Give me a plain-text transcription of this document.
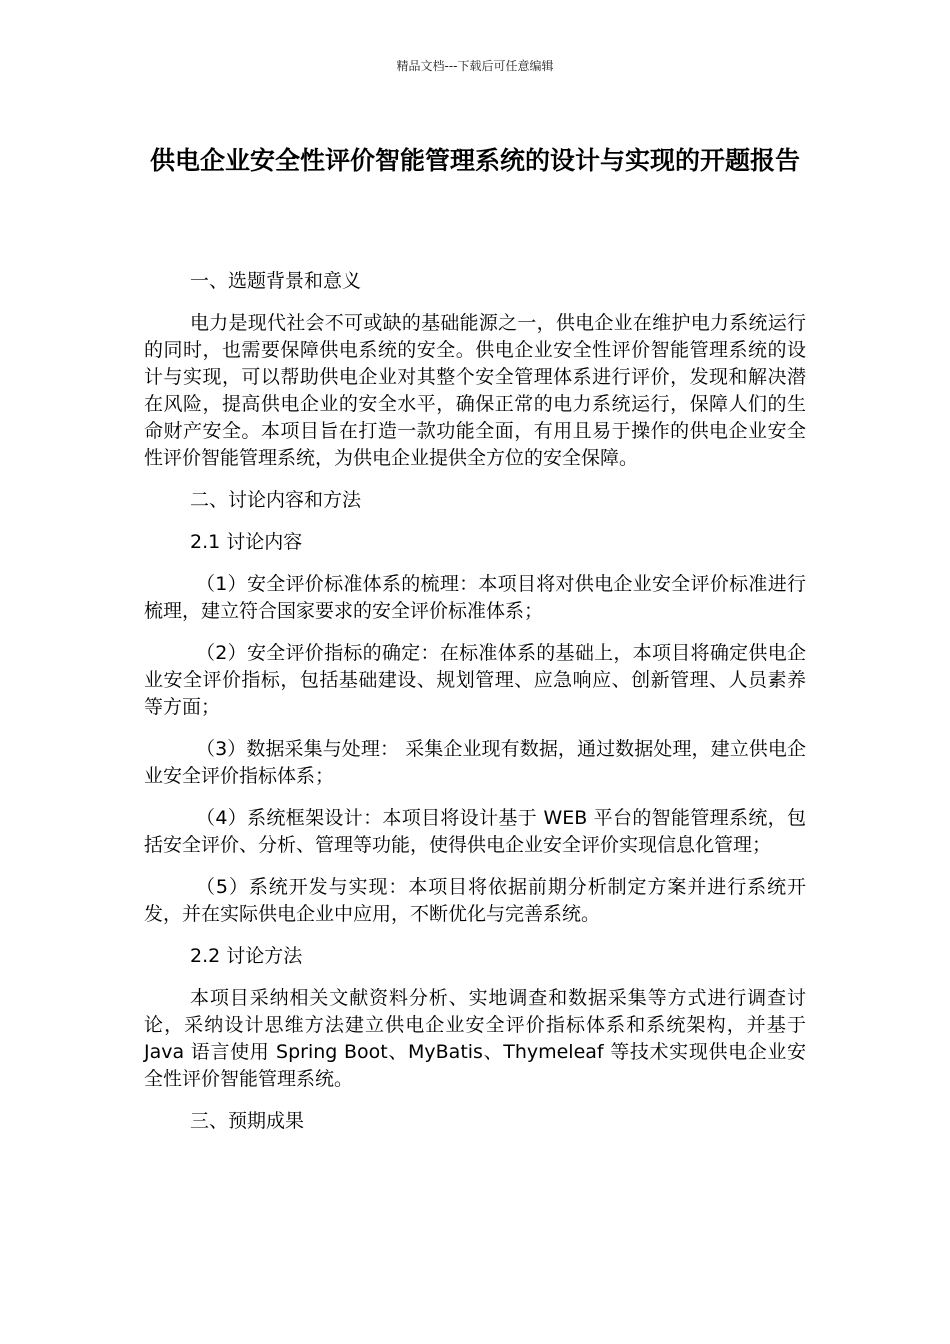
精品文档---下载后可任意编辑
供电企业安全性评价智能管理系统的设计与实现的开题报告

一、选题背景和意义

电力是现代社会不可或缺的基础能源之一，供电企业在维护电力系统运行的同时，也需要保障供电系统的安全。供电企业安全性评价智能管理系统的设计与实现，可以帮助供电企业对其整个安全管理体系进行评价，发现和解决潜在风险，提高供电企业的安全水平，确保正常的电力系统运行，保障人们的生命财产安全。本项目旨在打造一款功能全面，有用且易于操作的供电企业安全性评价智能管理系统，为供电企业提供全方位的安全保障。

二、讨论内容和方法

2.1 讨论内容

（1）安全评价标准体系的梳理：本项目将对供电企业安全评价标准进行梳理，建立符合国家要求的安全评价标准体系；

（2）安全评价指标的确定：在标准体系的基础上，本项目将确定供电企业安全评价指标，包括基础建设、规划管理、应急响应、创新管理、人员素养等方面；

（3）数据采集与处理： 采集企业现有数据，通过数据处理，建立供电企业安全评价指标体系；

（4）系统框架设计：本项目将设计基于 WEB 平台的智能管理系统，包括安全评价、分析、管理等功能，使得供电企业安全评价实现信息化管理；

（5）系统开发与实现：本项目将依据前期分析制定方案并进行系统开发，并在实际供电企业中应用，不断优化与完善系统。

2.2 讨论方法

本项目采纳相关文献资料分析、实地调查和数据采集等方式进行调查讨论，采纳设计思维方法建立供电企业安全评价指标体系和系统架构，并基于 Java 语言使用 Spring Boot、MyBatis、Thymeleaf 等技术实现供电企业安全性评价智能管理系统。

三、预期成果
